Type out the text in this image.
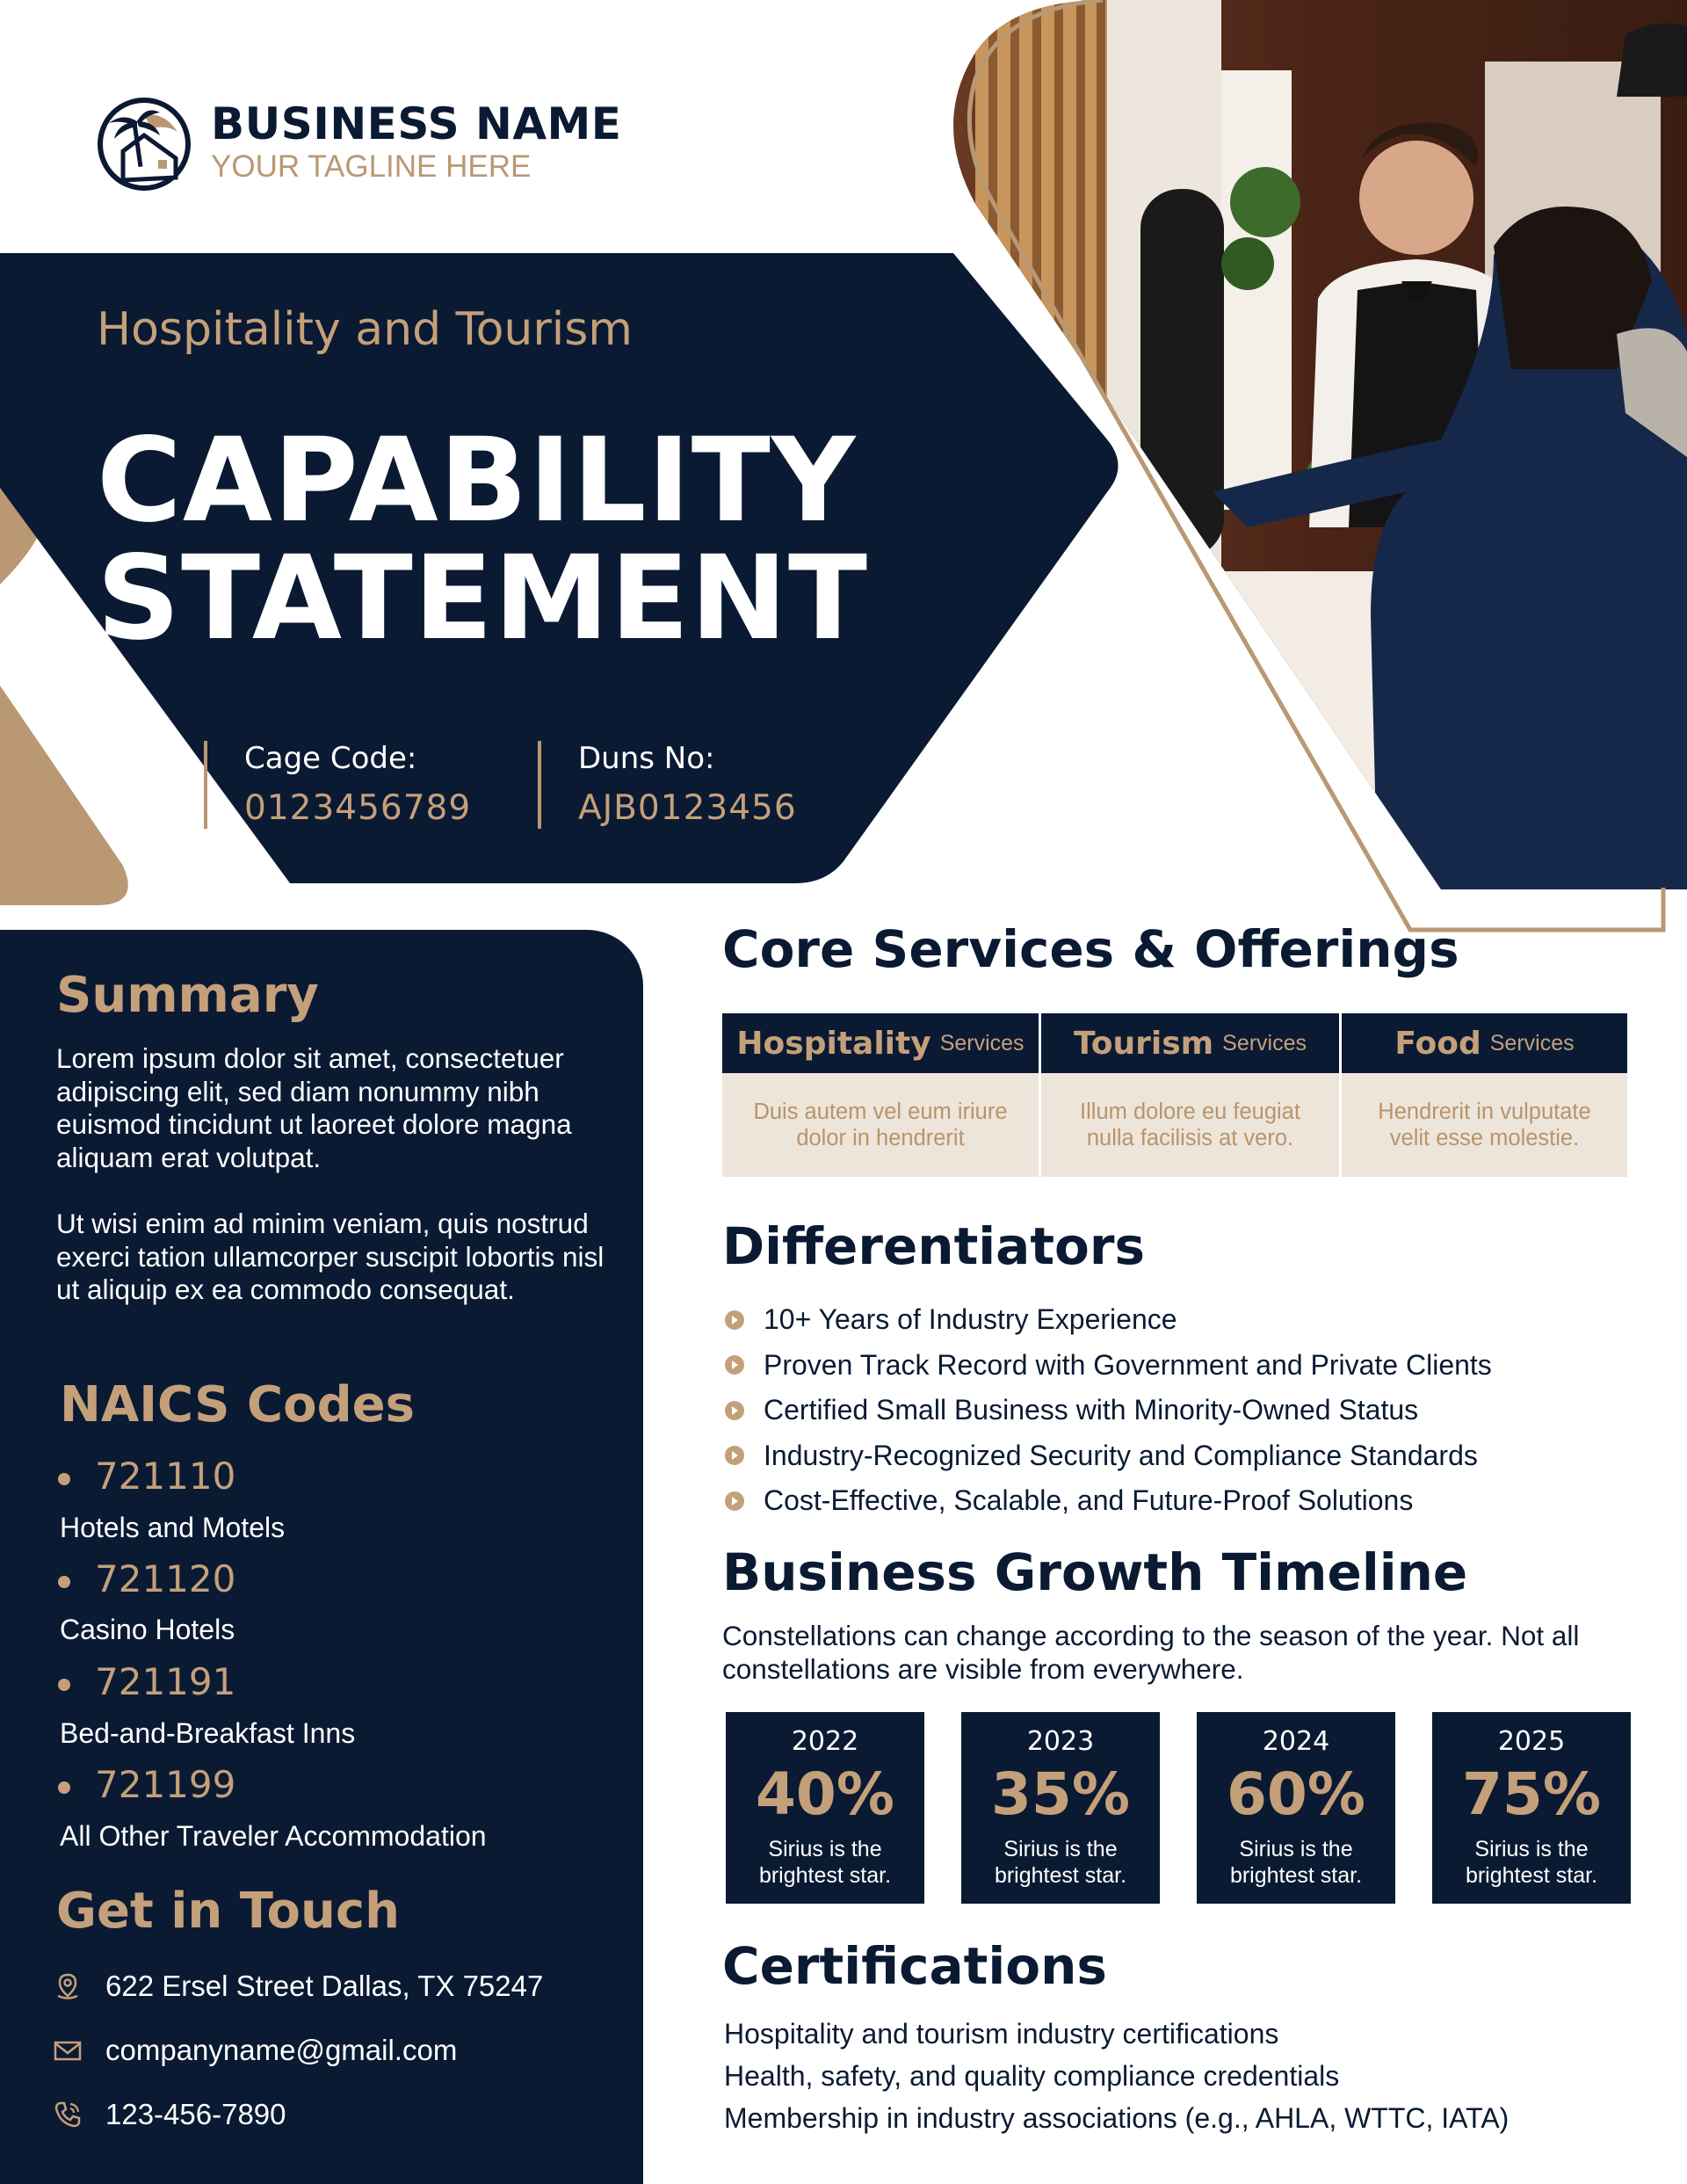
BUSINESS NAME
YOUR TAGLINE HERE
Hospitality and Tourism
CAPABILITY
STATEMENT
Cage Code:
0123456789
Duns No:
AJB0123456
Summary
Lorem ipsum dolor sit amet, consectetuer adipiscing elit, sed diam nonummy nibh euismod tincidunt ut laoreet dolore magna aliquam erat volutpat.
Ut wisi enim ad minim veniam, quis nostrud exerci tation ullamcorper suscipit lobortis nisl ut aliquip ex ea commodo consequat.
NAICS Codes
721110
Hotels and Motels
721120
Casino Hotels
721191
Bed-and-Breakfast Inns
721199
All Other Traveler Accommodation
Get in Touch
622 Ersel Street Dallas, TX 75247
companyname@gmail.com
123-456-7890
Core Services & Offerings
Hospitality Services
Duis autem vel eum iriure dolor in hendrerit
Tourism Services
Illum dolore eu feugiat nulla facilisis at vero.
Food Services
Hendrerit in vulputate velit esse molestie.
Differentiators
10+ Years of Industry Experience
Proven Track Record with Government and Private Clients
Certified Small Business with Minority-Owned Status
Industry-Recognized Security and Compliance Standards
Cost-Effective, Scalable, and Future-Proof Solutions
Business Growth Timeline
Constellations can change according to the season of the year. Not all constellations are visible from everywhere.
2022
40%
Sirius is the brightest star.
2023
35%
Sirius is the brightest star.
2024
60%
Sirius is the brightest star.
2025
75%
Sirius is the brightest star.
Certifications
Hospitality and tourism industry certifications
Health, safety, and quality compliance credentials
Membership in industry associations (e.g., AHLA, WTTC, IATA)
